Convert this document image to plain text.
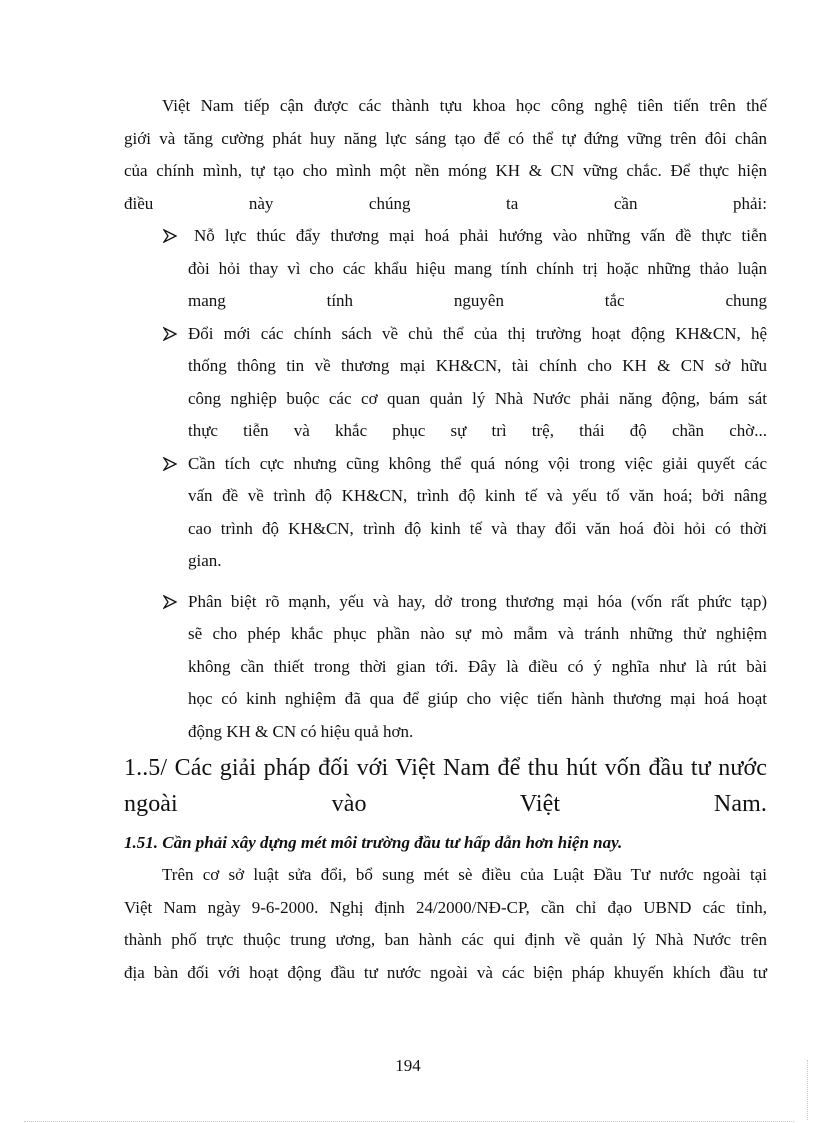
Việt Nam tiếp cận được các thành tựu khoa học công nghệ tiên tiến trên thế
giới và tăng cường phát huy năng lực sáng tạo để có thể tự đứng vững trên đôi chân
của chính mình, tự tạo cho mình một nền móng KH & CN vững chắc. Để thực hiện
điều này chúng ta cần phải:
Nỗ lực thúc đẩy thương mại hoá phải hướng vào những vấn đề thực tiễn
đòi hỏi thay vì cho các khẩu hiệu mang tính chính trị hoặc những thảo luận
mang tính nguyên tắc chung
Đổi mới các chính sách về chủ thể của thị trường hoạt động KH&CN, hệ
thống thông tin về thương mại KH&CN, tài chính cho KH & CN sở hữu
công nghiệp buộc các cơ quan quản lý Nhà Nước phải năng động, bám sát
thực tiễn và khắc phục sự trì trệ, thái độ chần chờ...
Cần tích cực nhưng cũng không thể quá nóng vội trong việc giải quyết các
vấn đề về trình độ KH&CN, trình độ kinh tế và yếu tố văn hoá; bởi nâng
cao trình độ KH&CN, trình độ kinh tế và thay đổi văn hoá đòi hỏi có thời
gian.
Phân biệt rõ mạnh, yếu và hay, dở trong thương mại hóa (vốn rất phức tạp)
sẽ cho phép khắc phục phần nào sự mò mẫm và tránh những thử nghiệm
không cần thiết trong thời gian tới. Đây là điều có ý nghĩa như là rút bài
học có kinh nghiệm đã qua để giúp cho việc tiến hành thương mại hoá hoạt
động KH & CN có hiệu quả hơn.
1..5/ Các giải pháp đối với Việt Nam để thu hút vốn đầu tư nước
ngoài vào Việt Nam.

1.51. Cần phải xây dựng mét môi trường đầu tư hấp dẫn hơn hiện nay.

Trên cơ sở luật sửa đổi, bổ sung mét sè điều của Luật Đầu Tư nước ngoài tại
Việt Nam ngày 9-6-2000. Nghị định 24/2000/NĐ-CP, cần chỉ đạo UBND các tỉnh,
thành phố trực thuộc trung ương, ban hành các qui định về quản lý Nhà Nước trên
địa bàn đối với hoạt động đầu tư nước ngoài và các biện pháp khuyến khích đầu tư
194
